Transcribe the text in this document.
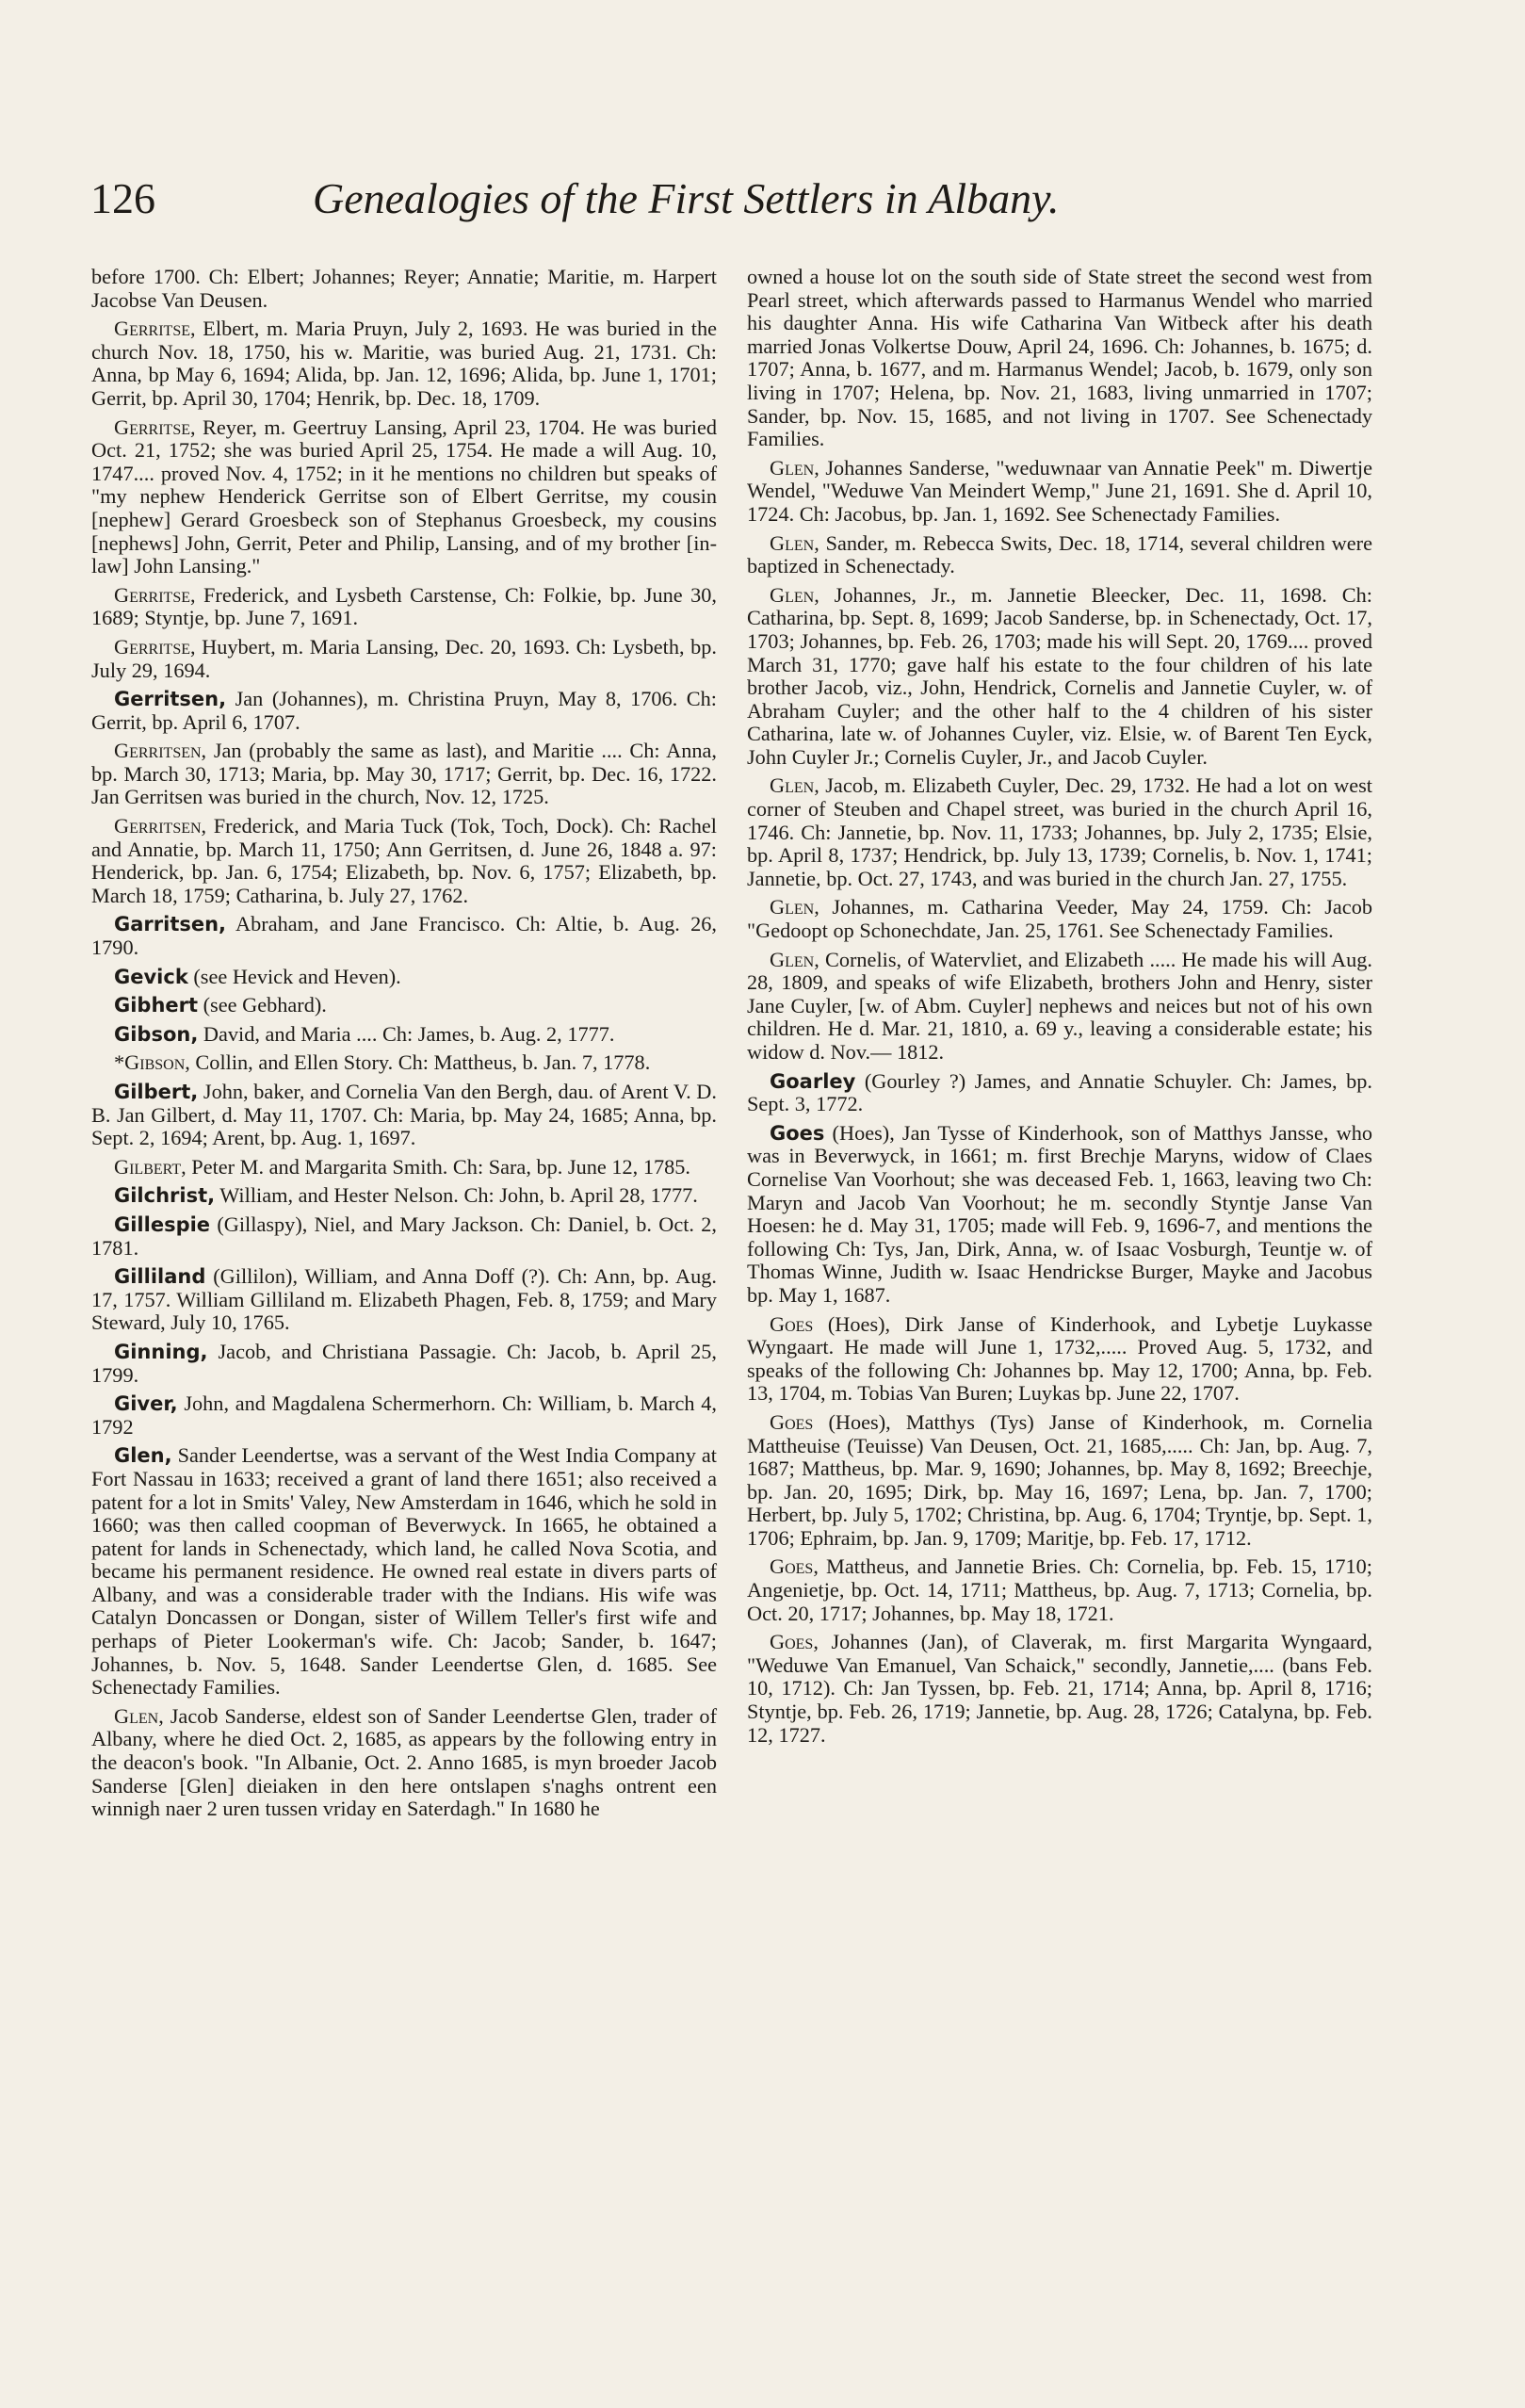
126	Genealogies of the First Settlers in Albany.

before 1700. Ch: Elbert; Johannes; Reyer; Annatie; Maritie, m. Harpert Jacobse Van Deusen.

Gerritse, Elbert, m. Maria Pruyn, July 2, 1693. He was buried in the church Nov. 18, 1750, his w. Maritie, was buried Aug. 21, 1731. Ch: Anna, bp May 6, 1694; Alida, bp. Jan. 12, 1696; Alida, bp. June 1, 1701; Gerrit, bp. April 30, 1704; Henrik, bp. Dec. 18, 1709.

Gerritse, Reyer, m. Geertruy Lansing, April 23, 1704. He was buried Oct. 21, 1752; she was buried April 25, 1754. He made a will Aug. 10, 1747.... proved Nov. 4, 1752; in it he mentions no children but speaks of "my nephew Henderick Gerritse son of Elbert Gerritse, my cousin [nephew] Gerard Groesbeck son of Stephanus Groesbeck, my cousins [nephews] John, Gerrit, Peter and Philip, Lansing, and of my brother [in-law] John Lansing."

Gerritse, Frederick, and Lysbeth Carstense, Ch: Folkie, bp. June 30, 1689; Styntje, bp. June 7, 1691.

Gerritse, Huybert, m. Maria Lansing, Dec. 20, 1693. Ch: Lysbeth, bp. July 29, 1694.

Gerritsen, Jan (Johannes), m. Christina Pruyn, May 8, 1706. Ch: Gerrit, bp. April 6, 1707.

Gerritsen, Jan (probably the same as last), and Maritie .... Ch: Anna, bp. March 30, 1713; Maria, bp. May 30, 1717; Gerrit, bp. Dec. 16, 1722. Jan Gerritsen was buried in the church, Nov. 12, 1725.

Gerritsen, Frederick, and Maria Tuck (Tok, Toch, Dock). Ch: Rachel and Annatie, bp. March 11, 1750; Ann Gerritsen, d. June 26, 1848 a. 97: Henderick, bp. Jan. 6, 1754; Elizabeth, bp. Nov. 6, 1757; Elizabeth, bp. March 18, 1759; Catharina, b. July 27, 1762.

Garritsen, Abraham, and Jane Francisco. Ch: Altie, b. Aug. 26, 1790.

Gevick (see Hevick and Heven).

Gibhert (see Gebhard).

Gibson, David, and Maria .... Ch: James, b. Aug. 2, 1777.

*Gibson, Collin, and Ellen Story. Ch: Mattheus, b. Jan. 7, 1778.

Gilbert, John, baker, and Cornelia Van den Bergh, dau. of Arent V. D. B. Jan Gilbert, d. May 11, 1707. Ch: Maria, bp. May 24, 1685; Anna, bp. Sept. 2, 1694; Arent, bp. Aug. 1, 1697.

Gilbert, Peter M. and Margarita Smith. Ch: Sara, bp. June 12, 1785.

Gilchrist, William, and Hester Nelson. Ch: John, b. April 28, 1777.

Gillespie (Gillaspy), Niel, and Mary Jackson. Ch: Daniel, b. Oct. 2, 1781.

Gilliland (Gillilon), William, and Anna Doff (?). Ch: Ann, bp. Aug. 17, 1757. William Gilliland m. Elizabeth Phagen, Feb. 8, 1759; and Mary Steward, July 10, 1765.

Ginning, Jacob, and Christiana Passagie. Ch: Jacob, b. April 25, 1799.

Giver, John, and Magdalena Schermerhorn. Ch: William, b. March 4, 1792

Glen, Sander Leendertse, was a servant of the West India Company at Fort Nassau in 1633; received a grant of land there 1651; also received a patent for a lot in Smits' Valey, New Amsterdam in 1646, which he sold in 1660; was then called coopman of Beverwyck. In 1665, he obtained a patent for lands in Schenectady, which land, he called Nova Scotia, and became his permanent residence. He owned real estate in divers parts of Albany, and was a considerable trader with the Indians. His wife was Catalyn Doncassen or Dongan, sister of Willem Teller's first wife and perhaps of Pieter Lookerman's wife. Ch: Jacob; Sander, b. 1647; Johannes, b. Nov. 5, 1648. Sander Leendertse Glen, d. 1685. See Schenectady Families.

Glen, Jacob Sanderse, eldest son of Sander Leendertse Glen, trader of Albany, where he died Oct. 2, 1685, as appears by the following entry in the deacon's book. "In Albanie, Oct. 2. Anno 1685, is myn broeder Jacob Sanderse [Glen] dieiaken in den here ontslapen s'naghs ontrent een winnigh naer 2 uren tussen vriday en Saterdagh." In 1680 he

owned a house lot on the south side of State street the second west from Pearl street, which afterwards passed to Harmanus Wendel who married his daughter Anna. His wife Catharina Van Witbeck after his death married Jonas Volkertse Douw, April 24, 1696. Ch: Johannes, b. 1675; d. 1707; Anna, b. 1677, and m. Harmanus Wendel; Jacob, b. 1679, only son living in 1707; Helena, bp. Nov. 21, 1683, living unmarried in 1707; Sander, bp. Nov. 15, 1685, and not living in 1707. See Schenectady Families.

Glen, Johannes Sanderse, "weduwnaar van Annatie Peek" m. Diwertje Wendel, "Weduwe Van Meindert Wemp," June 21, 1691. She d. April 10, 1724. Ch: Jacobus, bp. Jan. 1, 1692. See Schenectady Families.

Glen, Sander, m. Rebecca Swits, Dec. 18, 1714, several children were baptized in Schenectady.

Glen, Johannes, Jr., m. Jannetie Bleecker, Dec. 11, 1698. Ch: Catharina, bp. Sept. 8, 1699; Jacob Sanderse, bp. in Schenectady, Oct. 17, 1703; Johannes, bp. Feb. 26, 1703; made his will Sept. 20, 1769.... proved March 31, 1770; gave half his estate to the four children of his late brother Jacob, viz., John, Hendrick, Cornelis and Jannetie Cuyler, w. of Abraham Cuyler; and the other half to the 4 children of his sister Catharina, late w. of Johannes Cuyler, viz. Elsie, w. of Barent Ten Eyck, John Cuyler Jr.; Cornelis Cuyler, Jr., and Jacob Cuyler.

Glen, Jacob, m. Elizabeth Cuyler, Dec. 29, 1732. He had a lot on west corner of Steuben and Chapel street, was buried in the church April 16, 1746. Ch: Jannetie, bp. Nov. 11, 1733; Johannes, bp. July 2, 1735; Elsie, bp. April 8, 1737; Hendrick, bp. July 13, 1739; Cornelis, b. Nov. 1, 1741; Jannetie, bp. Oct. 27, 1743, and was buried in the church Jan. 27, 1755.

Glen, Johannes, m. Catharina Veeder, May 24, 1759. Ch: Jacob "Gedoopt op Schonechdate, Jan. 25, 1761. See Schenectady Families.

Glen, Cornelis, of Watervliet, and Elizabeth ..... He made his will Aug. 28, 1809, and speaks of wife Elizabeth, brothers John and Henry, sister Jane Cuyler, [w. of Abm. Cuyler] nephews and neices but not of his own children. He d. Mar. 21, 1810, a. 69 y., leaving a considerable estate; his widow d. Nov.— 1812.

Goarley (Gourley ?) James, and Annatie Schuyler. Ch: James, bp. Sept. 3, 1772.

Goes (Hoes), Jan Tysse of Kinderhook, son of Matthys Jansse, who was in Beverwyck, in 1661; m. first Brechje Maryns, widow of Claes Cornelise Van Voorhout; she was deceased Feb. 1, 1663, leaving two Ch: Maryn and Jacob Van Voorhout; he m. secondly Styntje Janse Van Hoesen: he d. May 31, 1705; made will Feb. 9, 1696-7, and mentions the following Ch: Tys, Jan, Dirk, Anna, w. of Isaac Vosburgh, Teuntje w. of Thomas Winne, Judith w. Isaac Hendrickse Burger, Mayke and Jacobus bp. May 1, 1687.

Goes (Hoes), Dirk Janse of Kinderhook, and Lybetje Luykasse Wyngaart. He made will June 1, 1732,..... Proved Aug. 5, 1732, and speaks of the following Ch: Johannes bp. May 12, 1700; Anna, bp. Feb. 13, 1704, m. Tobias Van Buren; Luykas bp. June 22, 1707.

Goes (Hoes), Matthys (Tys) Janse of Kinderhook, m. Cornelia Mattheuise (Teuisse) Van Deusen, Oct. 21, 1685,..... Ch: Jan, bp. Aug. 7, 1687; Mattheus, bp. Mar. 9, 1690; Johannes, bp. May 8, 1692; Breechje, bp. Jan. 20, 1695; Dirk, bp. May 16, 1697; Lena, bp. Jan. 7, 1700; Herbert, bp. July 5, 1702; Christina, bp. Aug. 6, 1704; Tryntje, bp. Sept. 1, 1706; Ephraim, bp. Jan. 9, 1709; Maritje, bp. Feb. 17, 1712.

Goes, Mattheus, and Jannetie Bries. Ch: Cornelia, bp. Feb. 15, 1710; Angenietje, bp. Oct. 14, 1711; Mattheus, bp. Aug. 7, 1713; Cornelia, bp. Oct. 20, 1717; Johannes, bp. May 18, 1721.

Goes, Johannes (Jan), of Claverak, m. first Margarita Wyngaard, "Weduwe Van Emanuel, Van Schaick," secondly, Jannetie,.... (bans Feb. 10, 1712). Ch: Jan Tyssen, bp. Feb. 21, 1714; Anna, bp. April 8, 1716; Styntje, bp. Feb. 26, 1719; Jannetie, bp. Aug. 28, 1726; Catalyna, bp. Feb. 12, 1727.
